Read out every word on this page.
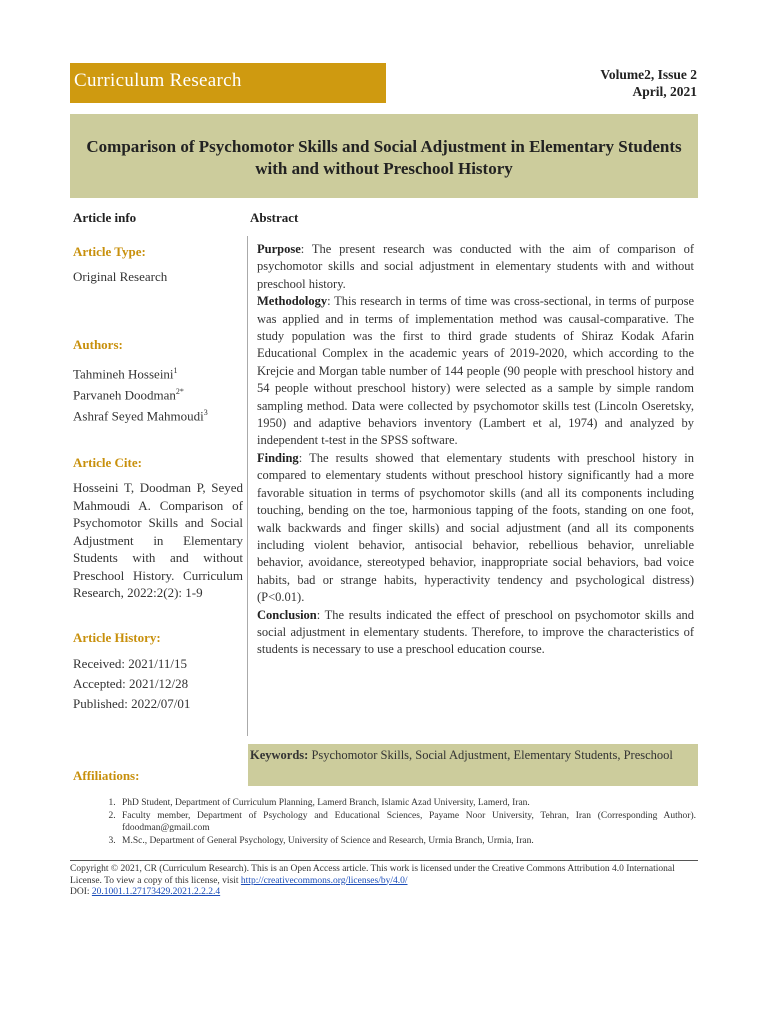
Curriculum Research	Volume2, Issue 2
April, 2021
Comparison of Psychomotor Skills and Social Adjustment in Elementary Students with and without Preschool History
Article info
Article Type:
Original Research
Authors:
Tahmineh Hosseini$^1$
Parvaneh Doodman$^{2*}$
Ashraf Seyed Mahmoudi$^3$
Article Cite:
Hosseini T, Doodman P, Seyed Mahmoudi A. Comparison of Psychomotor Skills and Social Adjustment in Elementary Students with and without Preschool History. Curriculum Research, 2022:2(2): 1-9
Article History:
Received: 2021/11/15
Accepted: 2021/12/28
Published: 2022/07/01
Affiliations:
Abstract

Purpose: The present research was conducted with the aim of comparison of psychomotor skills and social adjustment in elementary students with and without preschool history.

Methodology: This research in terms of time was cross-sectional, in terms of purpose was applied and in terms of implementation method was causal-comparative. The study population was the first to third grade students of Shiraz Kodak Afarin Educational Complex in the academic years of 2019-2020, which according to the Krejcie and Morgan table number of 144 people (90 people with preschool history and 54 people without preschool history) were selected as a sample by simple random sampling method. Data were collected by psychomotor skills test (Lincoln Oseretsky, 1950) and adaptive behaviors inventory (Lambert et al, 1974) and analyzed by independent t-test in the SPSS software.

Finding: The results showed that elementary students with preschool history in compared to elementary students without preschool history significantly had a more favorable situation in terms of psychomotor skills (and all its components including touching, bending on the toe, harmonious tapping of the foots, standing on one foot, walk backwards and finger skills) and social adjustment (and all its components including violent behavior, antisocial behavior, rebellious behavior, unreliable behavior, avoidance, stereotyped behavior, inappropriate social behaviors, bad voice habits, bad or strange habits, hyperactivity tendency and psychological distress) (P<0.01).

Conclusion: The results indicated the effect of preschool on psychomotor skills and social adjustment in elementary students. Therefore, to improve the characteristics of students is necessary to use a preschool education course.

Keywords: Psychomotor Skills, Social Adjustment, Elementary Students, Preschool
1. PhD Student, Department of Curriculum Planning, Lamerd Branch, Islamic Azad University, Lamerd, Iran.
2. Faculty member, Department of Psychology and Educational Sciences, Payame Noor University, Tehran, Iran (Corresponding Author). fdoodman@gmail.com
3. M.Sc., Department of General Psychology, University of Science and Research, Urmia Branch, Urmia, Iran.
Copyright © 2021, CR (Curriculum Research). This is an Open Access article. This work is licensed under the Creative Commons Attribution 4.0 International License. To view a copy of this license, visit http://creativecommons.org/licenses/by/4.0/
DOI: 20.1001.1.27173429.2021.2.2.2.4
